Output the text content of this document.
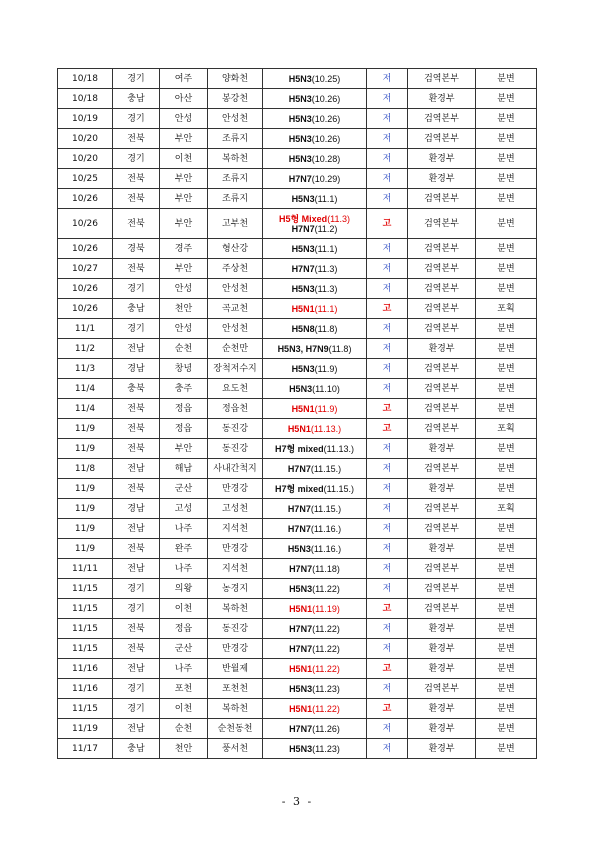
10/18	경기	여주	양화천	H5N3(10.25)	저	검역본부	분변
10/18	충남	아산	봉강천	H5N3(10.26)	저	환경부	분변
10/19	경기	안성	안성천	H5N3(10.26)	저	검역본부	분변
10/20	전북	부안	조류지	H5N3(10.26)	저	검역본부	분변
10/20	경기	이천	복하천	H5N3(10.28)	저	환경부	분변
10/25	전북	부안	조류지	H7N7(10.29)	저	환경부	분변
10/26	전북	부안	조류지	H5N3(11.1)	저	검역본부	분변
10/26	전북	부안	고부천	H5형 Mixed(11.3)
H7N7(11.2)	고	검역본부	분변
10/26	경북	경주	형산강	H5N3(11.1)	저	검역본부	분변
10/27	전북	부안	주상천	H7N7(11.3)	저	검역본부	분변
10/26	경기	안성	안성천	H5N3(11.3)	저	검역본부	분변
10/26	충남	천안	곡교천	H5N1(11.1)	고	검역본부	포획
11/1	경기	안성	안성천	H5N8(11.8)	저	검역본부	분변
11/2	전남	순천	순천만	H5N3, H7N9(11.8)	저	환경부	분변
11/3	경남	창녕	장척저수지	H5N3(11.9)	저	검역본부	분변
11/4	충북	충주	요도천	H5N3(11.10)	저	검역본부	분변
11/4	전북	정읍	정읍천	H5N1(11.9)	고	검역본부	분변
11/9	전북	정읍	동진강	H5N1(11.13.)	고	검역본부	포획
11/9	전북	부안	동진강	H7형 mixed(11.13.)	저	환경부	분변
11/8	전남	해남	사내간척지	H7N7(11.15.)	저	검역본부	분변
11/9	전북	군산	만경강	H7형 mixed(11.15.)	저	환경부	분변
11/9	경남	고성	고성천	H7N7(11.15.)	저	검역본부	포획
11/9	전남	나주	지석천	H7N7(11.16.)	저	검역본부	분변
11/9	전북	완주	만경강	H5N3(11.16.)	저	환경부	분변
11/11	전남	나주	지석천	H7N7(11.18)	저	검역본부	분변
11/15	경기	의왕	농경지	H5N3(11.22)	저	검역본부	분변
11/15	경기	이천	복하천	H5N1(11.19)	고	검역본부	분변
11/15	전북	정읍	동진강	H7N7(11.22)	저	환경부	분변
11/15	전북	군산	만경강	H7N7(11.22)	저	환경부	분변
11/16	전남	나주	반월제	H5N1(11.22)	고	환경부	분변
11/16	경기	포천	포천천	H5N3(11.23)	저	검역본부	분변
11/15	경기	이천	복하천	H5N1(11.22)	고	환경부	분변
11/19	전남	순천	순천동천	H7N7(11.26)	저	환경부	분변
11/17	충남	천안	풍서천	H5N3(11.23)	저	환경부	분변
- 3 -
